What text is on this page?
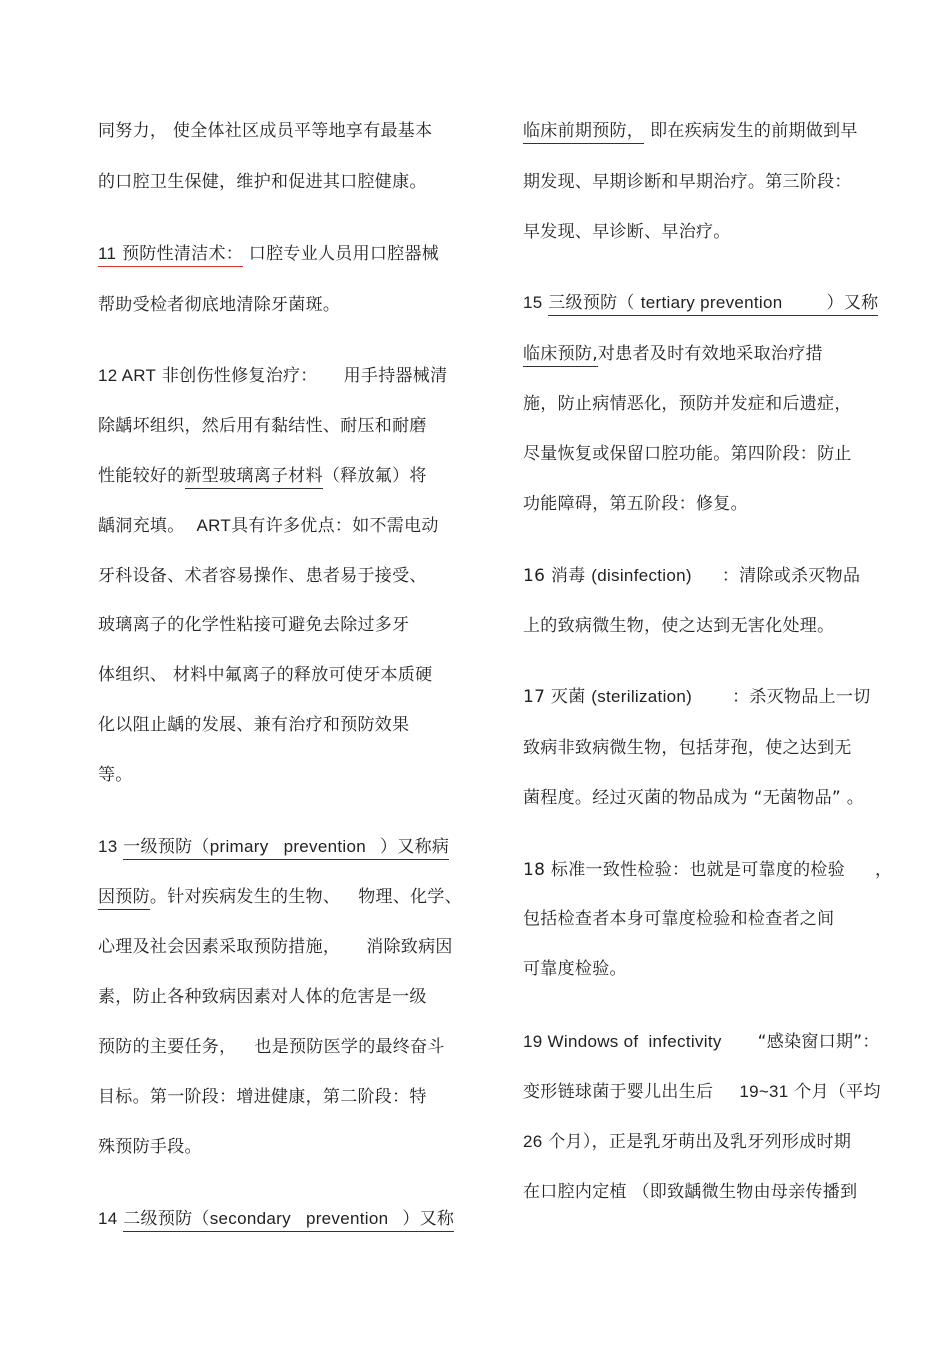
同努力， 使全体社区成员平等地享有最基本
的口腔卫生保健，维护和促进其口腔健康。
11 预防性清洁术： 口腔专业人员用口腔器械
帮助受检者彻底地清除牙菌斑。
12 ART 非创伤性修复治疗： 用手持器械清
除龋坏组织，然后用有黏结性、耐压和耐磨
性能较好的新型玻璃离子材料（释放氟）将
龋洞充填。 ART具有许多优点：如不需电动
牙科设备、术者容易操作、患者易于接受、
玻璃离子的化学性粘接可避免去除过多牙
体组织、 材料中氟离子的释放可使牙本质硬
化以阻止龋的发展、兼有治疗和预防效果
等。
13 一级预防（primary   prevention ）又称病
因预防。针对疾病发生的生物、 物理、化学、
心理及社会因素采取预防措施， 消除致病因
素，防止各种致病因素对人体的危害是一级
预防的主要任务， 也是预防医学的最终奋斗
目标。第一阶段：增进健康，第二阶段：特
殊预防手段。
14 二级预防（secondary   prevention ）又称
临床前期预防， 即在疾病发生的前期做到早
期发现、早期诊断和早期治疗。第三阶段：
早发现、早诊断、早治疗。
15 三级预防（ tertiary prevention	）又称
临床预防,对患者及时有效地采取治疗措
施，防止病情恶化，预防并发症和后遗症，
尽量恢复或保留口腔功能。第四阶段：防止
功能障碍，第五阶段：修复。
16 消毒 (disinfection) ：清除或杀灭物品
上的致病微生物，使之达到无害化处理。
17 灭菌 (sterilization) ：杀灭物品上一切
致病非致病微生物，包括芽孢，使之达到无
菌程度。经过灭菌的物品成为 “无菌物品” 。
18 标准一致性检验：也就是可靠度的检验 ，
包括检查者本身可靠度检验和检查者之间
可靠度检验。
19 Windows of  infectivity “感染窗口期”：
变形链球菌于婴儿出生后 19~31 个月（平均
26 个月），正是乳牙萌出及乳牙列形成时期
在口腔内定植 （即致龋微生物由母亲传播到
